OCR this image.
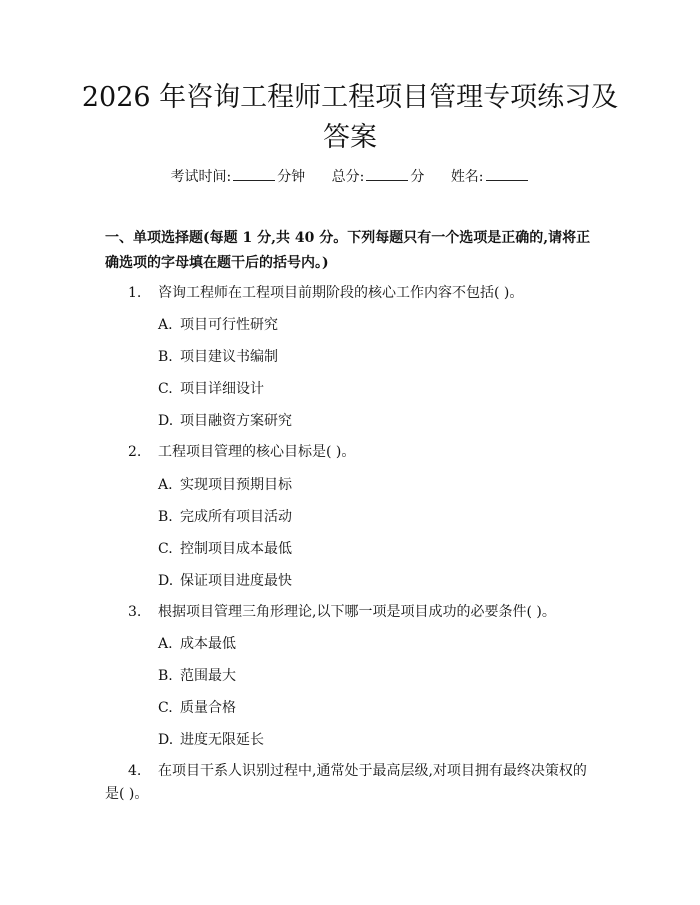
2026 年咨询工程师工程项目管理专项练习及
答案
考试时间:	分钟 总分:	分 姓名:
一、单项选择题(每题 1 分,共 40 分。下列每题只有一个选项是正确的,请将正确选项的字母填在题干后的括号内。)
1. 咨询工程师在工程项目前期阶段的核心工作内容不包括( )。
A. 项目可行性研究
B. 项目建议书编制
C. 项目详细设计
D. 项目融资方案研究
2. 工程项目管理的核心目标是( )。
A. 实现项目预期目标
B. 完成所有项目活动
C. 控制项目成本最低
D. 保证项目进度最快
3. 根据项目管理三角形理论,以下哪一项是项目成功的必要条件( )。
A. 成本最低
B. 范围最大
C. 质量合格
D. 进度无限延长
4. 在项目干系人识别过程中,通常处于最高层级,对项目拥有最终决策权的是( )。
